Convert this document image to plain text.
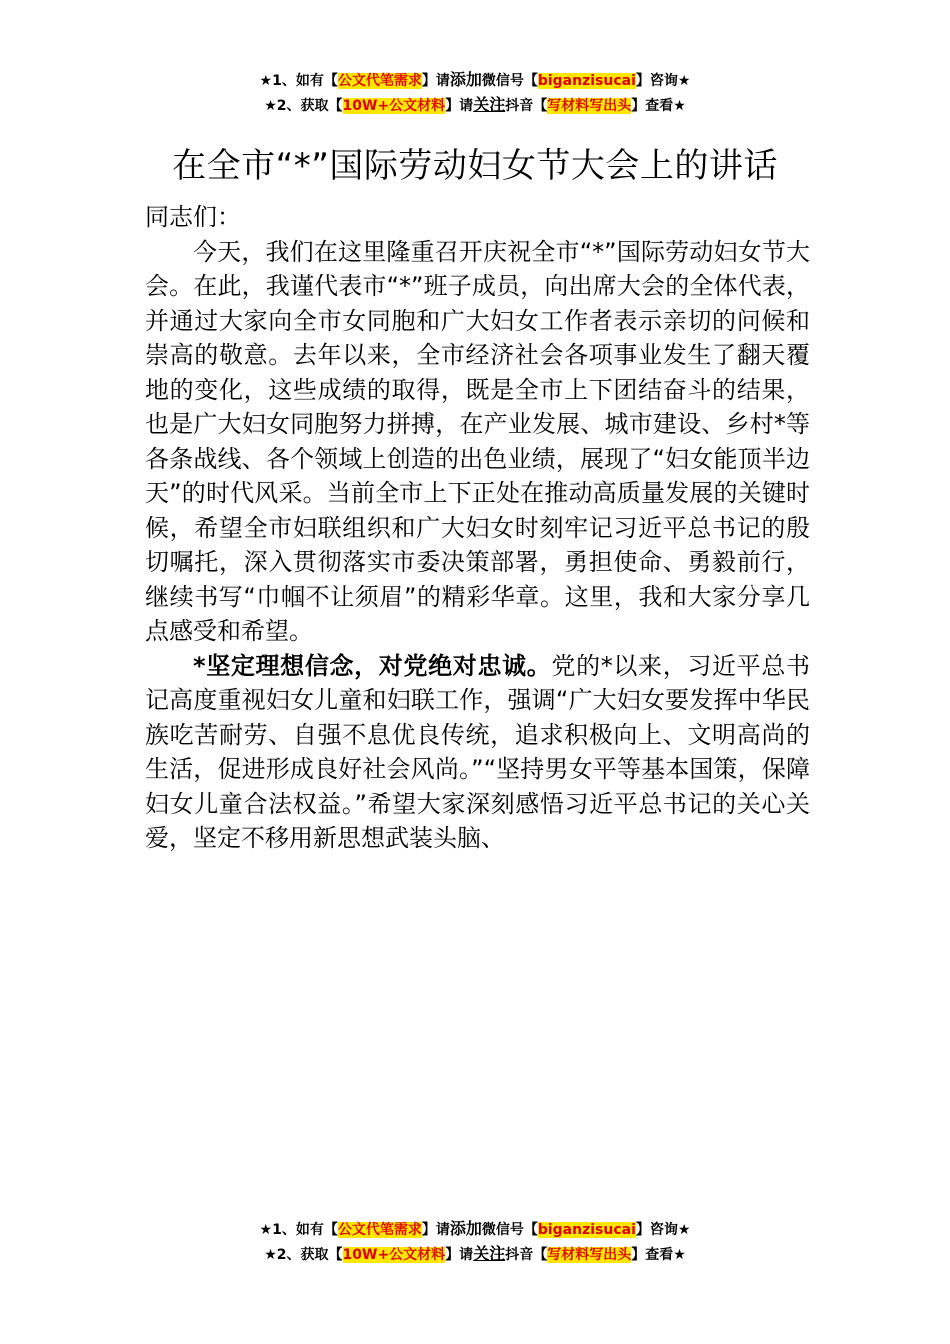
★1、如有【公文代笔需求】请添加微信号【biganzisucai】咨询★
★2、获取【10W+公文材料】请关注抖音【写材料写出头】查看★
在全市“*”国际劳动妇女节大会上的讲话

同志们：

今天，我们在这里隆重召开庆祝全市“*”国际劳动妇女节大会。在此，我谨代表市“*”班子成员，向出席大会的全体代表，并通过大家向全市女同胞和广大妇女工作者表示亲切的问候和崇高的敬意。去年以来，全市经济社会各项事业发生了翻天覆地的变化，这些成绩的取得，既是全市上下团结奋斗的结果，也是广大妇女同胞努力拼搏，在产业发展、城市建设、乡村*等各条战线、各个领域上创造的出色业绩，展现了“妇女能顶半边天”的时代风采。当前全市上下正处在推动高质量发展的关键时候，希望全市妇联组织和广大妇女时刻牢记习近平总书记的殷切嘱托，深入贯彻落实市委决策部署，勇担使命、勇毅前行，继续书写“巾帼不让须眉”的精彩华章。这里，我和大家分享几点感受和希望。

*坚定理想信念，对党绝对忠诚。党的*以来，习近平总书记高度重视妇女儿童和妇联工作，强调“广大妇女要发挥中华民族吃苦耐劳、自强不息优良传统，追求积极向上、文明高尚的生活，促进形成良好社会风尚。”“坚持男女平等基本国策，保障妇女儿童合法权益。”希望大家深刻感悟习近平总书记的关心关爱，坚定不移用新思想武装头脑、

★1、如有【公文代笔需求】请添加微信号【biganzisucai】咨询★
★2、获取【10W+公文材料】请关注抖音【写材料写出头】查看★
